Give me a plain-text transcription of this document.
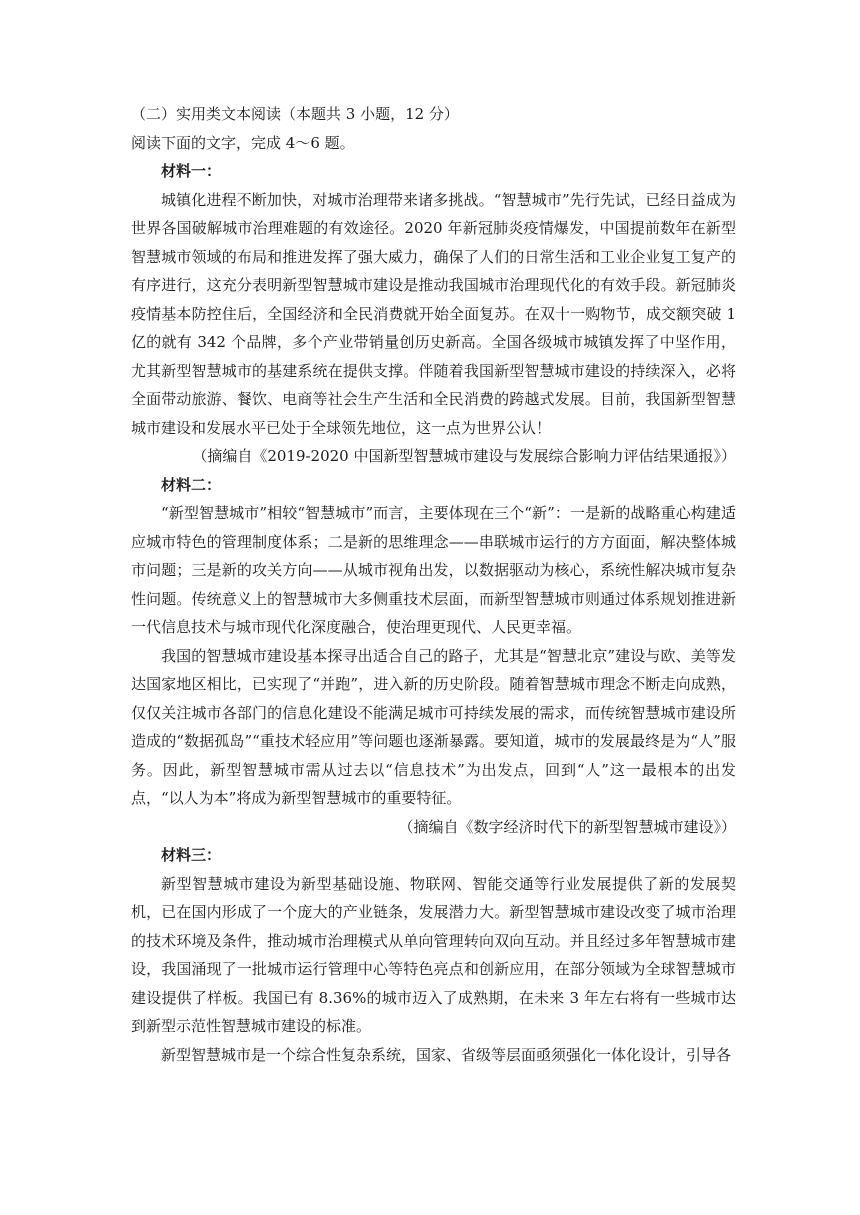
（二）实用类文本阅读（本题共 3 小题，12 分）

阅读下面的文字，完成 4～6 题。

材料一：

城镇化进程不断加快，对城市治理带来诸多挑战。“智慧城市”先行先试，已经日益成为世界各国破解城市治理难题的有效途径。2020 年新冠肺炎疫情爆发，中国提前数年在新型智慧城市领域的布局和推进发挥了强大威力，确保了人们的日常生活和工业企业复工复产的有序进行，这充分表明新型智慧城市建设是推动我国城市治理现代化的有效手段。新冠肺炎疫情基本防控住后，全国经济和全民消费就开始全面复苏。在双十一购物节，成交额突破 1 亿的就有 342 个品牌，多个产业带销量创历史新高。全国各级城市城镇发挥了中坚作用，尤其新型智慧城市的基建系统在提供支撑。伴随着我国新型智慧城市建设的持续深入，必将全面带动旅游、餐饮、电商等社会生产生活和全民消费的跨越式发展。目前，我国新型智慧城市建设和发展水平已处于全球领先地位，这一点为世界公认！

（摘编自《2019-2020 中国新型智慧城市建设与发展综合影响力评估结果通报》）

材料二：

“新型智慧城市”相较“智慧城市”而言，主要体现在三个“新”：一是新的战略重心构建适应城市特色的管理制度体系；二是新的思维理念——串联城市运行的方方面面，解决整体城市问题；三是新的攻关方向——从城市视角出发，以数据驱动为核心，系统性解决城市复杂性问题。传统意义上的智慧城市大多侧重技术层面，而新型智慧城市则通过体系规划推进新一代信息技术与城市现代化深度融合，使治理更现代、人民更幸福。

我国的智慧城市建设基本探寻出适合自己的路子，尤其是“智慧北京”建设与欧、美等发达国家地区相比，已实现了“并跑”，进入新的历史阶段。随着智慧城市理念不断走向成熟，仅仅关注城市各部门的信息化建设不能满足城市可持续发展的需求，而传统智慧城市建设所造成的“数据孤岛”“重技术轻应用”等问题也逐渐暴露。要知道，城市的发展最终是为“人”服务。因此，新型智慧城市需从过去以“信息技术”为出发点，回到“人”这一最根本的出发点，“以人为本”将成为新型智慧城市的重要特征。

（摘编自《数字经济时代下的新型智慧城市建设》）

材料三：

新型智慧城市建设为新型基础设施、物联网、智能交通等行业发展提供了新的发展契机，已在国内形成了一个庞大的产业链条，发展潜力大。新型智慧城市建设改变了城市治理的技术环境及条件，推动城市治理模式从单向管理转向双向互动。并且经过多年智慧城市建设，我国涌现了一批城市运行管理中心等特色亮点和创新应用，在部分领域为全球智慧城市建设提供了样板。我国已有 8.36%的城市迈入了成熟期，在未来 3 年左右将有一些城市达到新型示范性智慧城市建设的标准。

新型智慧城市是一个综合性复杂系统，国家、省级等层面亟须强化一体化设计，引导各
